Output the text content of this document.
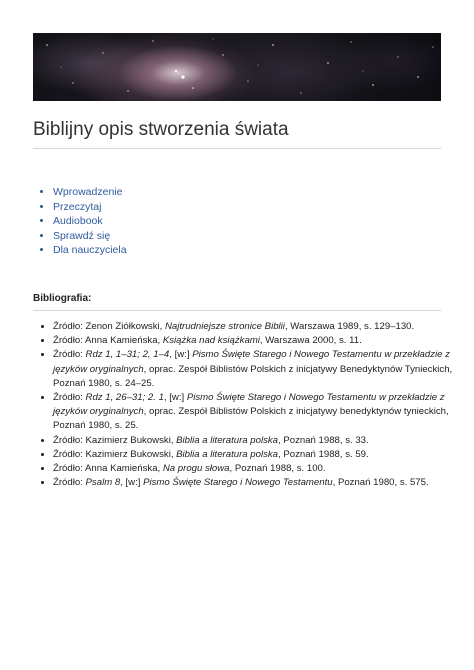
Biblijny opis stworzenia świata
• Wprowadzenie
• Przeczytaj
• Audiobook
• Sprawdź się
• Dla nauczyciela

Bibliografia:

• Źródło: Zenon Ziółkowski, Najtrudniejsze stronice Biblii, Warszawa 1989, s. 129–130.
• Źródło: Anna Kamieńska, Książka nad książkami, Warszawa 2000, s. 11.
• Źródło: Rdz 1, 1–31; 2, 1–4, [w:] Pismo Święte Starego i Nowego Testamentu w przekładzie z języków oryginalnych, oprac. Zespół Biblistów Polskich z inicjatywy Benedyktynów Tynieckich, Poznań 1980, s. 24–25.
• Źródło: Rdz 1, 26–31; 2. 1, [w:] Pismo Święte Starego i Nowego Testamentu w przekładzie z języków oryginalnych, oprac. Zespół Biblistów Polskich z inicjatywy benedyktynów tynieckich, Poznań 1980, s. 25.
• Źródło: Kazimierz Bukowski, Biblia a literatura polska, Poznań 1988, s. 33.
• Źródło: Kazimierz Bukowski, Biblia a literatura polska, Poznań 1988, s. 59.
• Źródło: Anna Kamieńska, Na progu słowa, Poznań 1988, s. 100.
• Źródło: Psalm 8, [w:] Pismo Święte Starego i Nowego Testamentu, Poznań 1980, s. 575.
